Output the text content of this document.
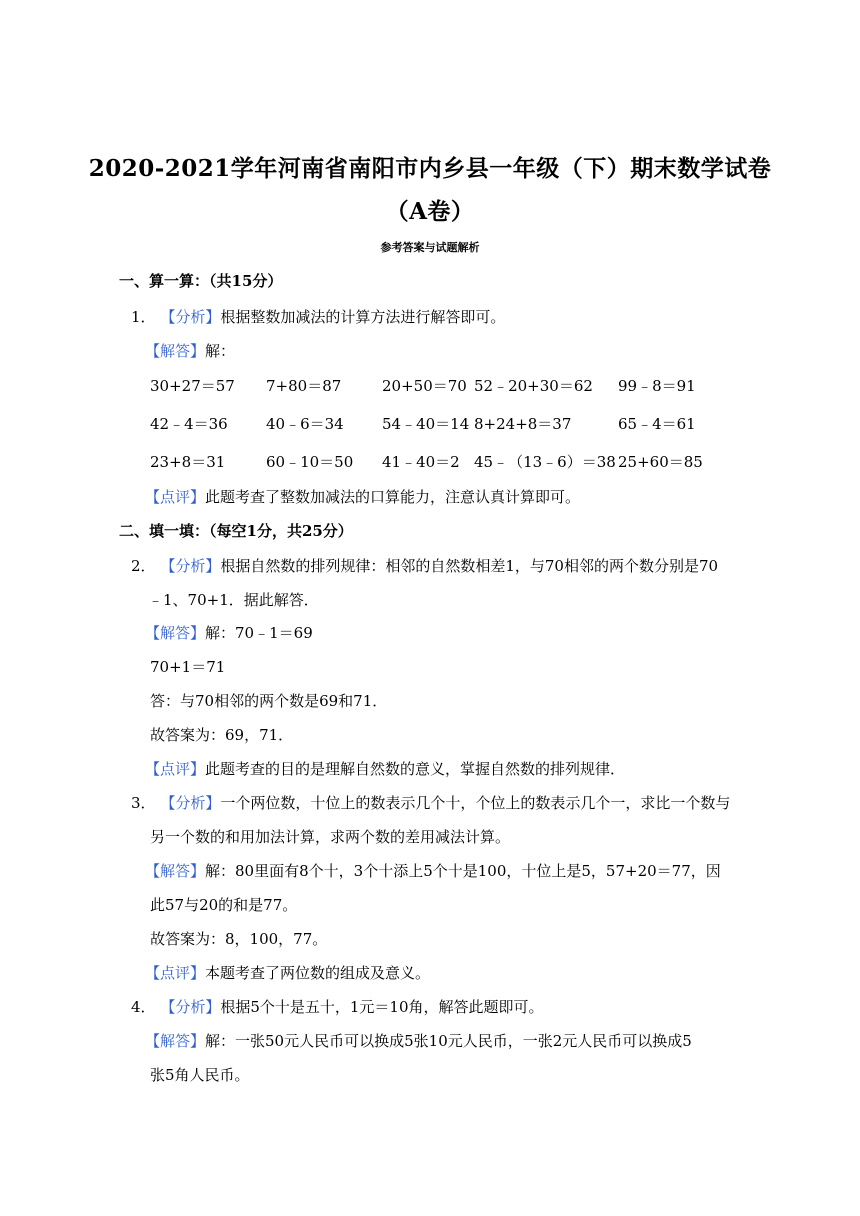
2020-2021学年河南省南阳市内乡县一年级（下）期末数学试卷
（A卷）
参考答案与试题解析
一、算一算：（共15分）
1． 【分析】根据整数加减法的计算方法进行解答即可。
【解答】解：
30+27＝57 7+80＝87	20+50＝70 52﹣20+30＝62 99﹣8＝91
42﹣4＝36	40﹣6＝34	54﹣40＝14 8+24+8＝37	65﹣4＝61
23+8＝31	60﹣10＝50 41﹣40＝2 45﹣（13﹣6）＝38 25+60＝85
【点评】此题考查了整数加减法的口算能力，注意认真计算即可。
二、填一填：（每空1分，共25分）
2． 【分析】根据自然数的排列规律：相邻的自然数相差1，与70相邻的两个数分别是70
﹣1、70+1．据此解答．
【解答】解：70﹣1＝69
70+1＝71
答：与70相邻的两个数是69和71．
故答案为：69，71．
【点评】此题考查的目的是理解自然数的意义，掌握自然数的排列规律．
3． 【分析】一个两位数，十位上的数表示几个十，个位上的数表示几个一，求比一个数与
另一个数的和用加法计算，求两个数的差用减法计算。
【解答】解：80里面有8个十，3个十添上5个十是100，十位上是5，57+20＝77，因
此57与20的和是77。
故答案为：8，100，77。
【点评】本题考查了两位数的组成及意义。
4． 【分析】根据5个十是五十，1元＝10角，解答此题即可。
【解答】解：一张50元人民币可以换成5张10元人民币，一张2元人民币可以换成5
张5角人民币。
